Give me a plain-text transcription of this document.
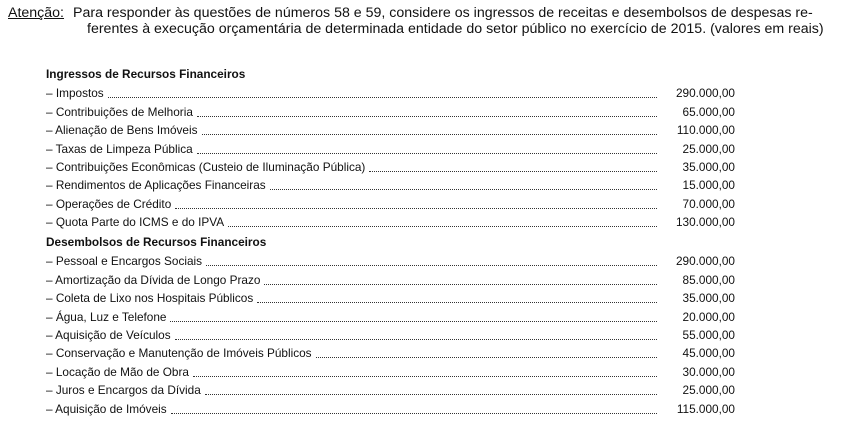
Atenção: Para responder às questões de números 58 e 59, considere os ingressos de receitas e desembolsos de despesas re-
ferentes à execução orçamentária de determinada entidade do setor público no exercício de 2015. (valores em reais)
Ingressos de Recursos Financeiros
– Impostos	290.000,00
– Contribuições de Melhoria	65.000,00
– Alienação de Bens Imóveis	110.000,00
– Taxas de Limpeza Pública	25.000,00
– Contribuições Econômicas (Custeio de Iluminação Pública)	35.000,00
– Rendimentos de Aplicações Financeiras	15.000,00
– Operações de Crédito	70.000,00
– Quota Parte do ICMS e do IPVA	130.000,00
Desembolsos de Recursos Financeiros
– Pessoal e Encargos Sociais	290.000,00
– Amortização da Dívida de Longo Prazo	85.000,00
– Coleta de Lixo nos Hospitais Públicos	35.000,00
– Água, Luz e Telefone	20.000,00
– Aquisição de Veículos	55.000,00
– Conservação e Manutenção de Imóveis Públicos	45.000,00
– Locação de Mão de Obra	30.000,00
– Juros e Encargos da Dívida	25.000,00
– Aquisição de Imóveis	115.000,00
